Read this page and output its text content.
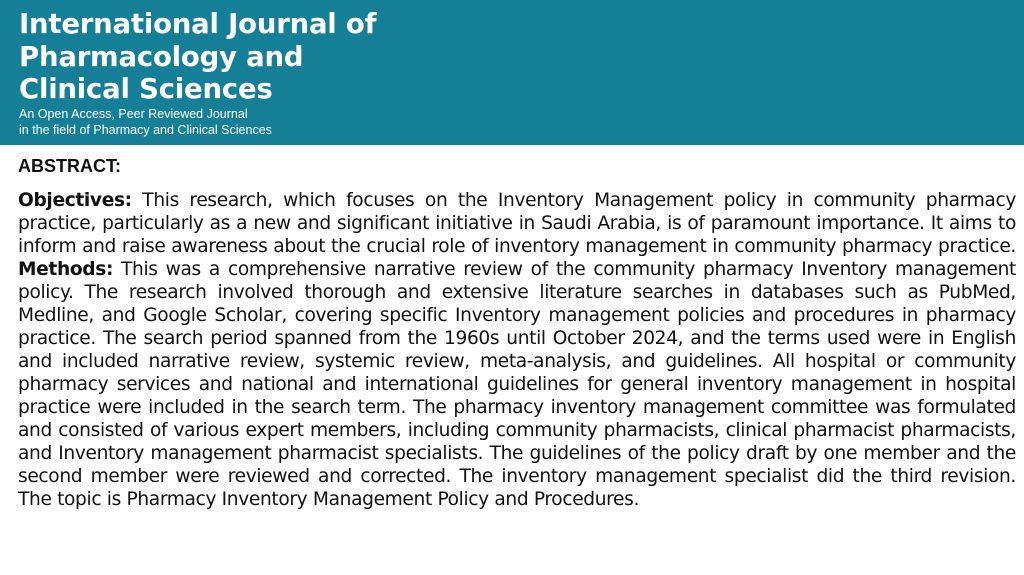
International Journal of
Pharmacology and
Clinical Sciences
An Open Access, Peer Reviewed Journal
in the field of Pharmacy and Clinical Sciences

ABSTRACT:

Objectives: This research, which focuses on the Inventory Management policy in community pharmacy practice, particularly as a new and significant initiative in Saudi Arabia, is of paramount importance. It aims to inform and raise awareness about the crucial role of inventory management in community pharmacy practice. Methods: This was a comprehensive narrative review of the community pharmacy Inventory management policy. The research involved thorough and extensive literature searches in databases such as PubMed, Medline, and Google Scholar, covering specific Inventory management policies and procedures in pharmacy practice. The search period spanned from the 1960s until October 2024, and the terms used were in English and included narrative review, systemic review, meta-analysis, and guidelines. All hospital or community pharmacy services and national and international guidelines for general inventory management in hospital practice were included in the search term. The pharmacy inventory management committee was formulated and consisted of various expert members, including community pharmacists, clinical pharmacist pharmacists, and Inventory management pharmacist specialists. The guidelines of the policy draft by one member and the second member were reviewed and corrected. The inventory management specialist did the third revision. The topic is Pharmacy Inventory Management Policy and Procedures.
